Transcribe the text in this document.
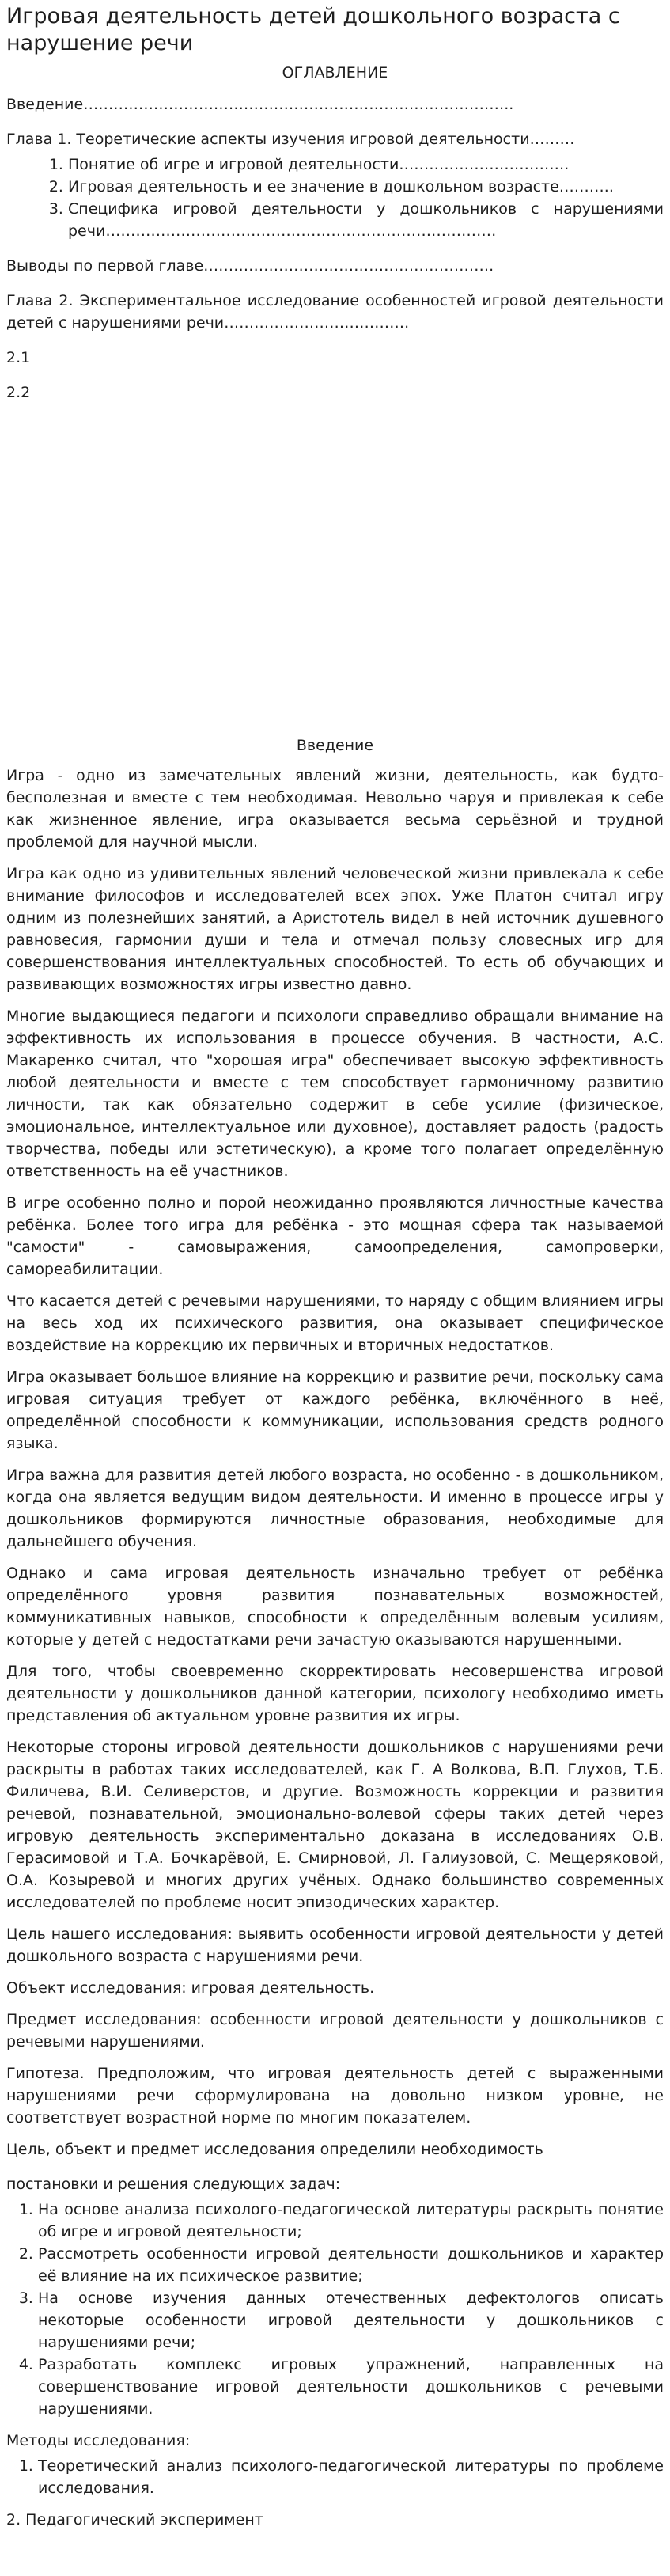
Игровая деятельность детей дошкольного возраста с нарушение речи
ОГЛАВЛЕНИЕ
Введение…………………………………………………………………………..
Глава 1. Теоретические аспекты изучения игровой деятельности………
1. Понятие об игре и игровой деятельности…………………………….
2. Игровая деятельность и ее значение в дошкольном возрасте………..
3. Специфика игровой деятельности у дошкольников с нарушениями речи……………………………………………………………………
Выводы по первой главе………………………………………………….
Глава 2. Экспериментальное исследование особенностей игровой деятельности детей с нарушениями речи……………………………….
2.1
2.2
Введение

Игра - одно из замечательных явлений жизни, деятельность, как будто-бесполезная и вместе с тем необходимая. Невольно чаруя и привлекая к себе как жизненное явление, игра оказывается весьма серьёзной и трудной проблемой для научной мысли.

Игра как одно из удивительных явлений человеческой жизни привлекала к себе внимание философов и исследователей всех эпох. Уже Платон считал игру одним из полезнейших занятий, а Аристотель видел в ней источник душевного равновесия, гармонии души и тела и отмечал пользу словесных игр для совершенствования интеллектуальных способностей. То есть об обучающих и развивающих возможностях игры известно давно.

Многие выдающиеся педагоги и психологи справедливо обращали внимание на эффективность их использования в процессе обучения. В частности, А.С. Макаренко считал, что "хорошая игра" обеспечивает высокую эффективность любой деятельности и вместе с тем способствует гармоничному развитию личности, так как обязательно содержит в себе усилие (физическое, эмоциональное, интеллектуальное или духовное), доставляет радость (радость творчества, победы или эстетическую), а кроме того полагает определённую ответственность на её участников.

В игре особенно полно и порой неожиданно проявляются личностные качества ребёнка. Более того игра для ребёнка - это мощная сфера так называемой "самости" - самовыражения, самоопределения, самопроверки, самореабилитации.

Что касается детей с речевыми нарушениями, то наряду с общим влиянием игры на весь ход их психического развития, она оказывает специфическое воздействие на коррекцию их первичных и вторичных недостатков.

Игра оказывает большое влияние на коррекцию и развитие речи, поскольку сама игровая ситуация требует от каждого ребёнка, включённого в неё, определённой способности к коммуникации, использования средств родного языка.

Игра важна для развития детей любого возраста, но особенно - в дошкольником, когда она является ведущим видом деятельности. И именно в процессе игры у дошкольников формируются личностные образования, необходимые для дальнейшего обучения.

Однако и сама игровая деятельность изначально требует от ребёнка определённого уровня развития познавательных возможностей, коммуникативных навыков, способности к определённым волевым усилиям, которые у детей с недостатками речи зачастую оказываются нарушенными.

Для того, чтобы своевременно скорректировать несовершенства игровой деятельности у дошкольников данной категории, психологу необходимо иметь представления об актуальном уровне развития их игры.

Некоторые стороны игровой деятельности дошкольников с нарушениями речи раскрыты в работах таких исследователей, как Г. А Волкова, В.П. Глухов, Т.Б. Филичева, В.И. Селиверстов, и другие. Возможность коррекции и развития речевой, познавательной, эмоционально-волевой сферы таких детей через игровую деятельность экспериментально доказана в исследованиях О.В. Герасимовой и Т.А. Бочкарёвой, Е. Смирновой, Л. Галиузовой, С. Мещеряковой, О.А. Козыревой и многих других учёных. Однако большинство современных исследователей по проблеме носит эпизодических характер.

Цель нашего исследования: выявить особенности игровой деятельности у детей дошкольного возраста с нарушениями речи.

Объект исследования: игровая деятельность.

Предмет исследования: особенности игровой деятельности у дошкольников с речевыми нарушениями.

Гипотеза. Предположим, что игровая деятельность детей с выраженными нарушениями речи сформулирована на довольно низком уровне, не соответствует возрастной норме по многим показателем.

Цель, объект и предмет исследования определили необходимость

постановки и решения следующих задач:

1. На основе анализа психолого-педагогической литературы раскрыть понятие об игре и игровой деятельности;
2. Рассмотреть особенности игровой деятельности дошкольников и характер её влияние на их психическое развитие;
3. На основе изучения данных отечественных дефектологов описать некоторые особенности игровой деятельности у дошкольников с нарушениями речи;
4. Разработать комплекс игровых упражнений, направленных на совершенствование игровой деятельности дошкольников с речевыми нарушениями.

Методы исследования:

1. Теоретический анализ психолого-педагогической литературы по проблеме исследования.

2. Педагогический эксперимент
